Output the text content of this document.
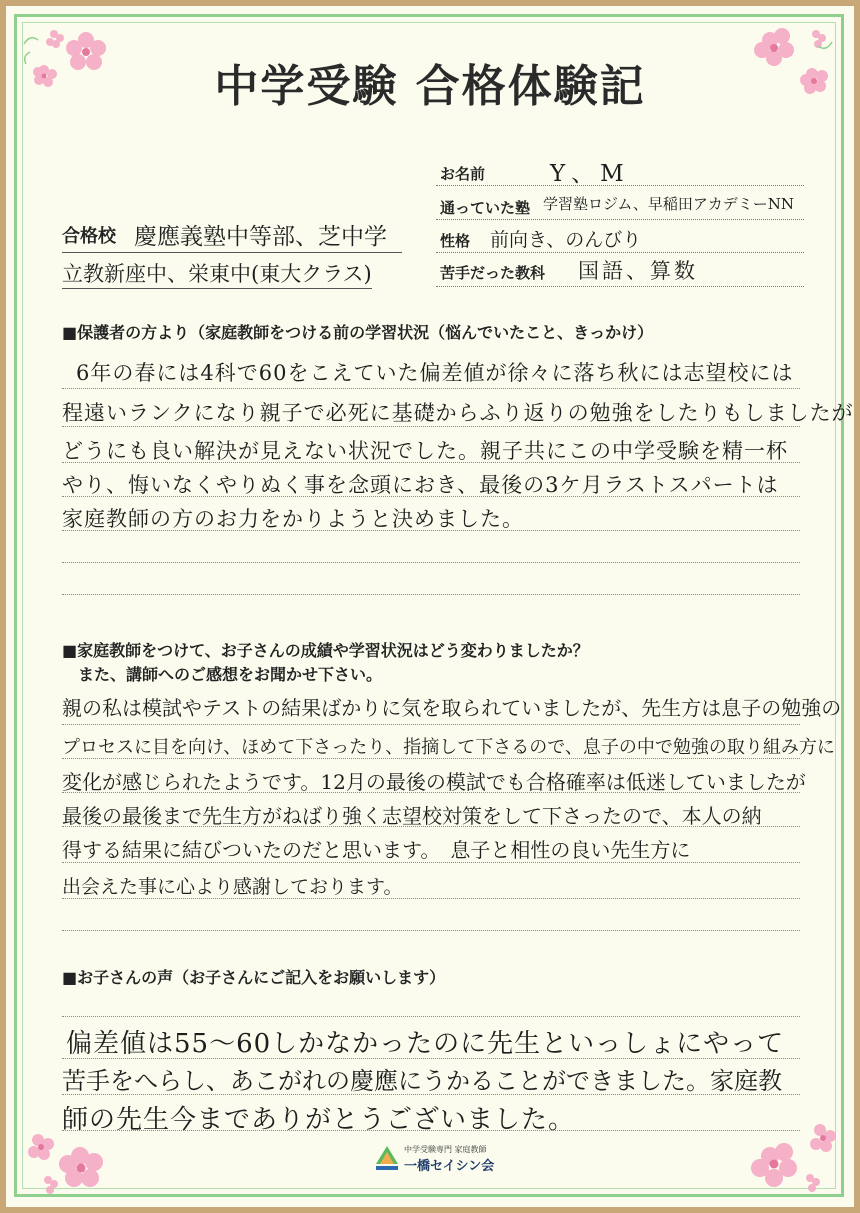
中学受験 合格体験記
合格校 慶應義塾中等部、芝中学
立教新座中、栄東中(東大クラス)
お名前	Y、M
通っていた塾 学習塾ロジム、早稲田アカデミーNN
性格 前向き、のんびり
苦手だった教科 国語、算数
■保護者の方より（家庭教師をつける前の学習状況（悩んでいたこと、きっかけ）
6年の春には4科で60をこえていた偏差値が徐々に落ち秋には志望校には
程遠いランクになり親子で必死に基礎からふり返りの勉強をしたりもしましたが
どうにも良い解決が見えない状況でした。親子共にこの中学受験を精一杯
やり、悔いなくやりぬく事を念頭におき、最後の3ケ月ラストスパートは
家庭教師の方のお力をかりようと決めました。
■家庭教師をつけて、お子さんの成績や学習状況はどう変わりましたか？
また、講師へのご感想をお聞かせ下さい。
親の私は模試やテストの結果ばかりに気を取られていましたが、先生方は息子の勉強の
プロセスに目を向け、ほめて下さったり、指摘して下さるので、息子の中で勉強の取り組み方に
変化が感じられたようです。12月の最後の模試でも合格確率は低迷していましたが
最後の最後まで先生方がねばり強く志望校対策をして下さったので、本人の納
得する結果に結びついたのだと思います。　息子と相性の良い先生方に
出会えた事に心より感謝しております。
■お子さんの声（お子さんにご記入をお願いします）
偏差値は55〜60しかなかったのに先生といっしょにやって
苦手をへらし、あこがれの慶應にうかることができました。家庭教
師の先生今までありがとうございました。
中学受験専門 家庭教師
一橋セイシン会
